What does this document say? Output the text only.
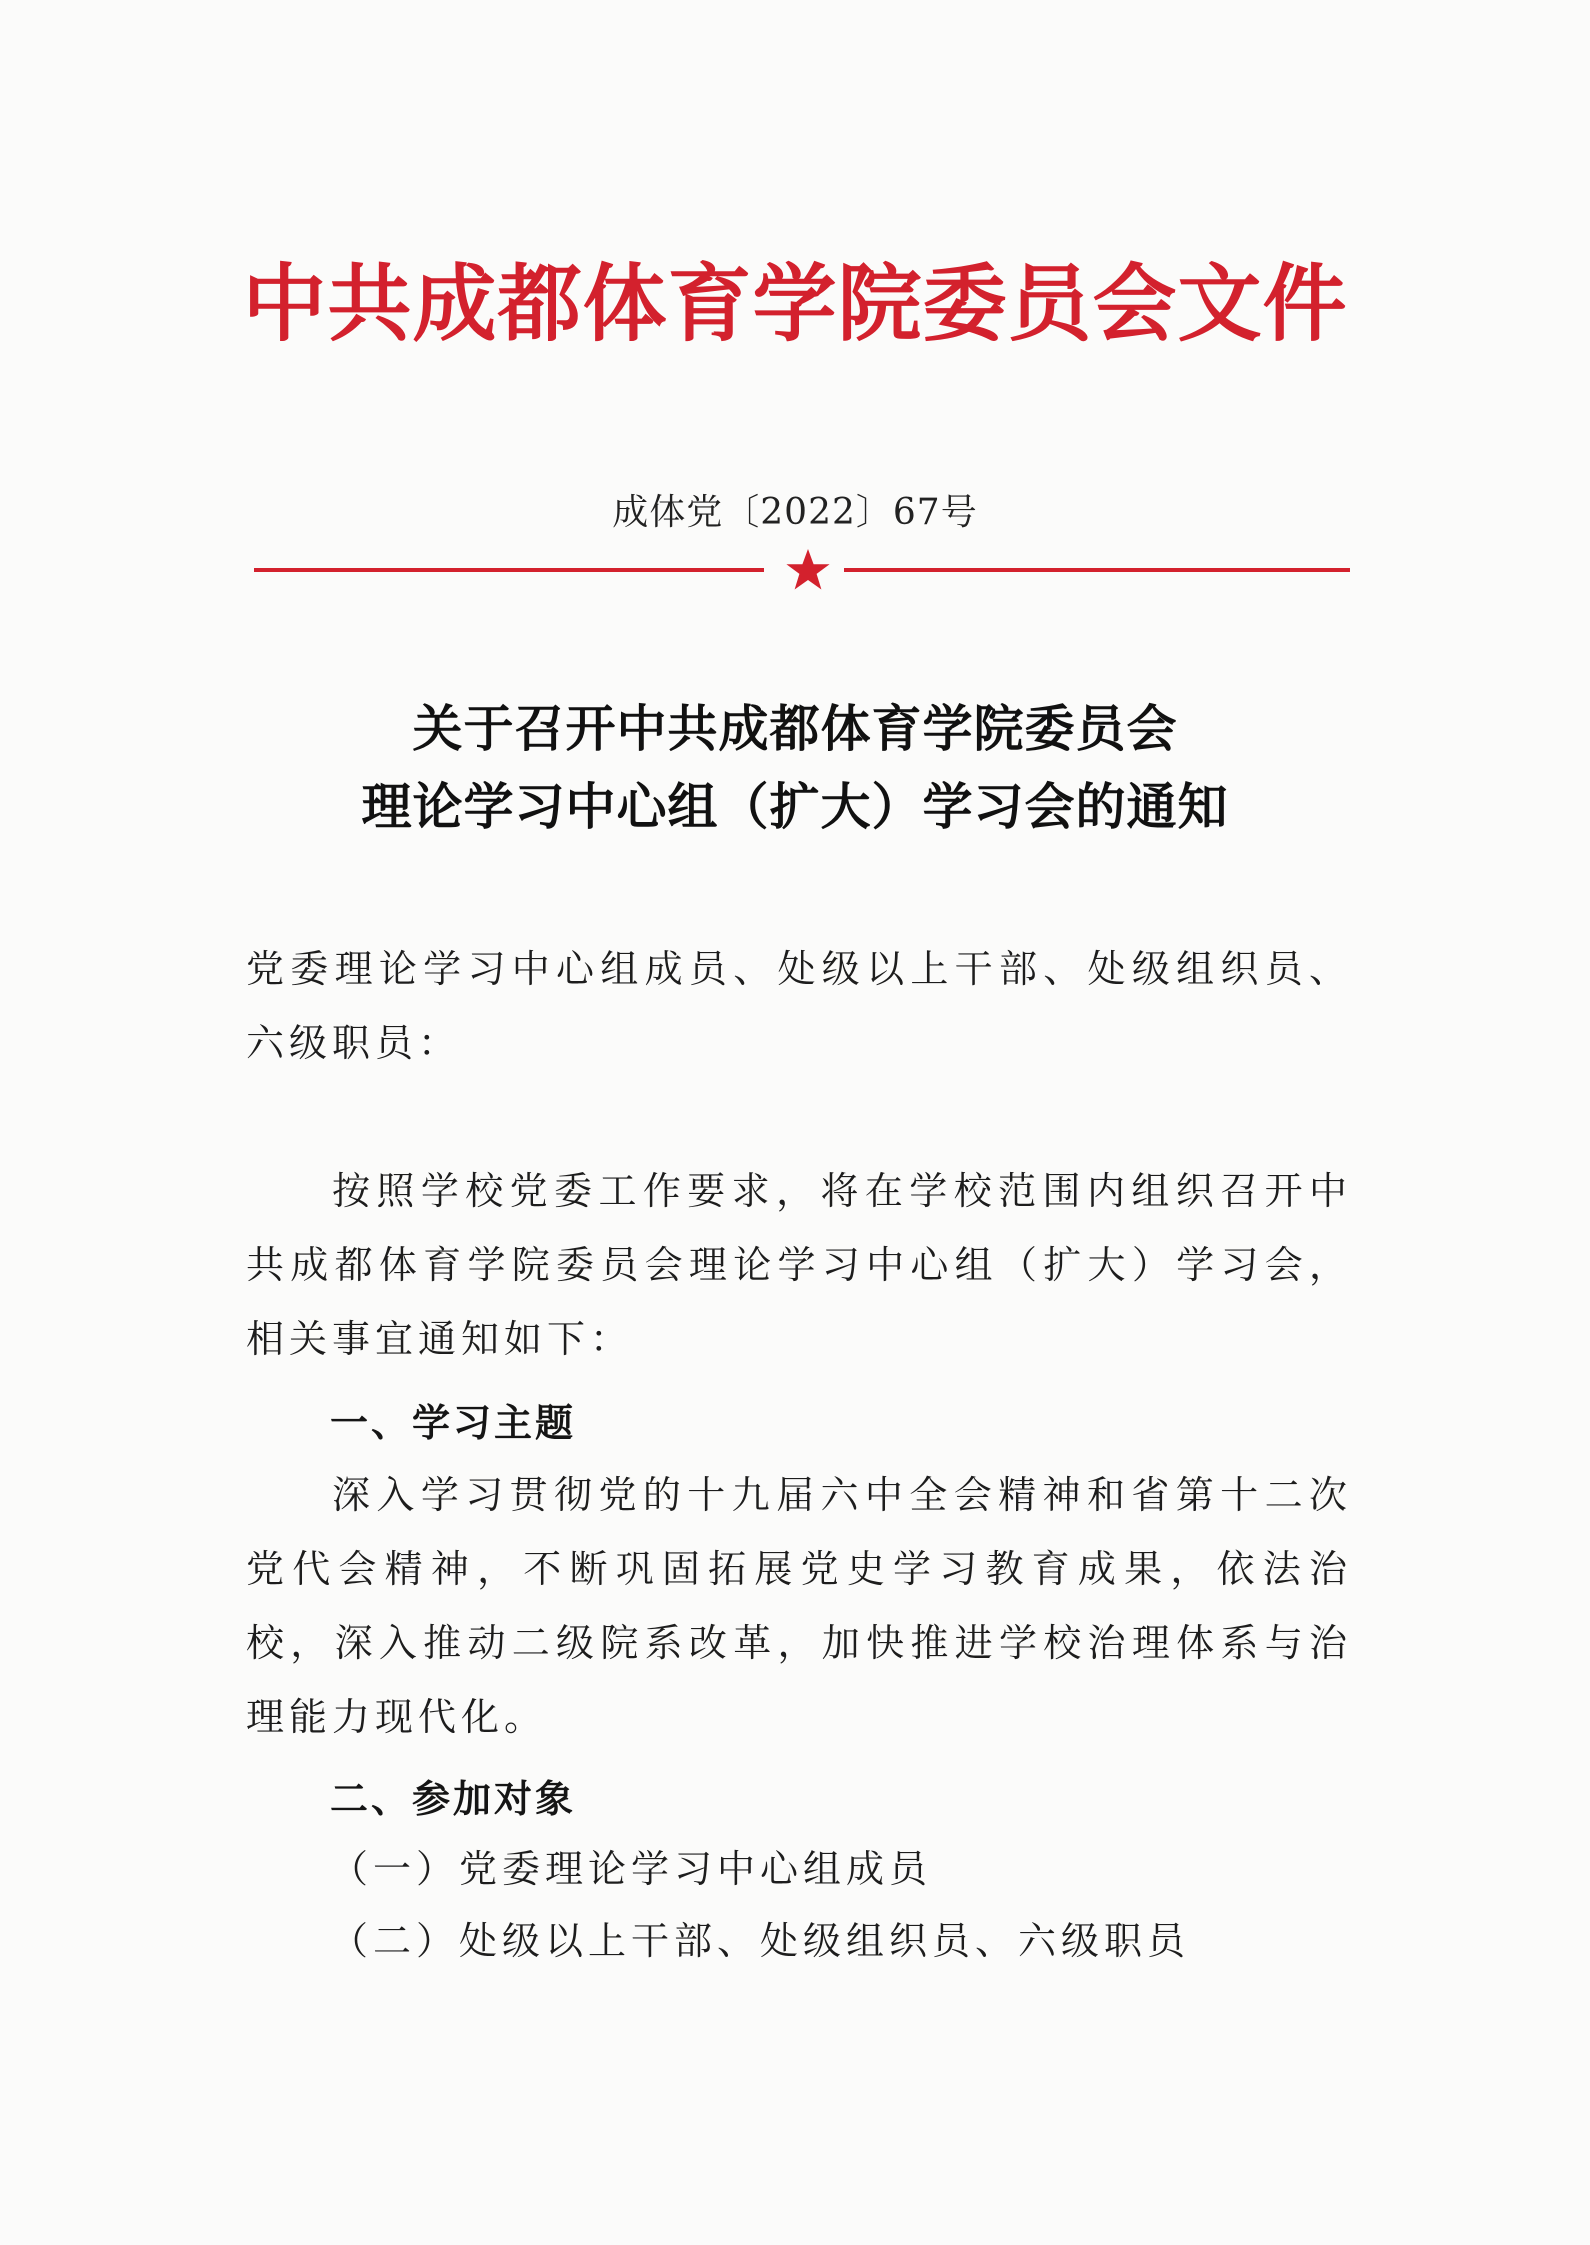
中共成都体育学院委员会文件
成体党〔2022〕67号
关于召开中共成都体育学院委员会
理论学习中心组（扩大）学习会的通知
党委理论学习中心组成员、处级以上干部、处级组织员、六级职员：
按照学校党委工作要求，将在学校范围内组织召开中共成都体育学院委员会理论学习中心组（扩大）学习会，相关事宜通知如下：
一、学习主题
深入学习贯彻党的十九届六中全会精神和省第十二次党代会精神，不断巩固拓展党史学习教育成果，依法治校，深入推动二级院系改革，加快推进学校治理体系与治理能力现代化。
二、参加对象
（一）党委理论学习中心组成员
（二）处级以上干部、处级组织员、六级职员
